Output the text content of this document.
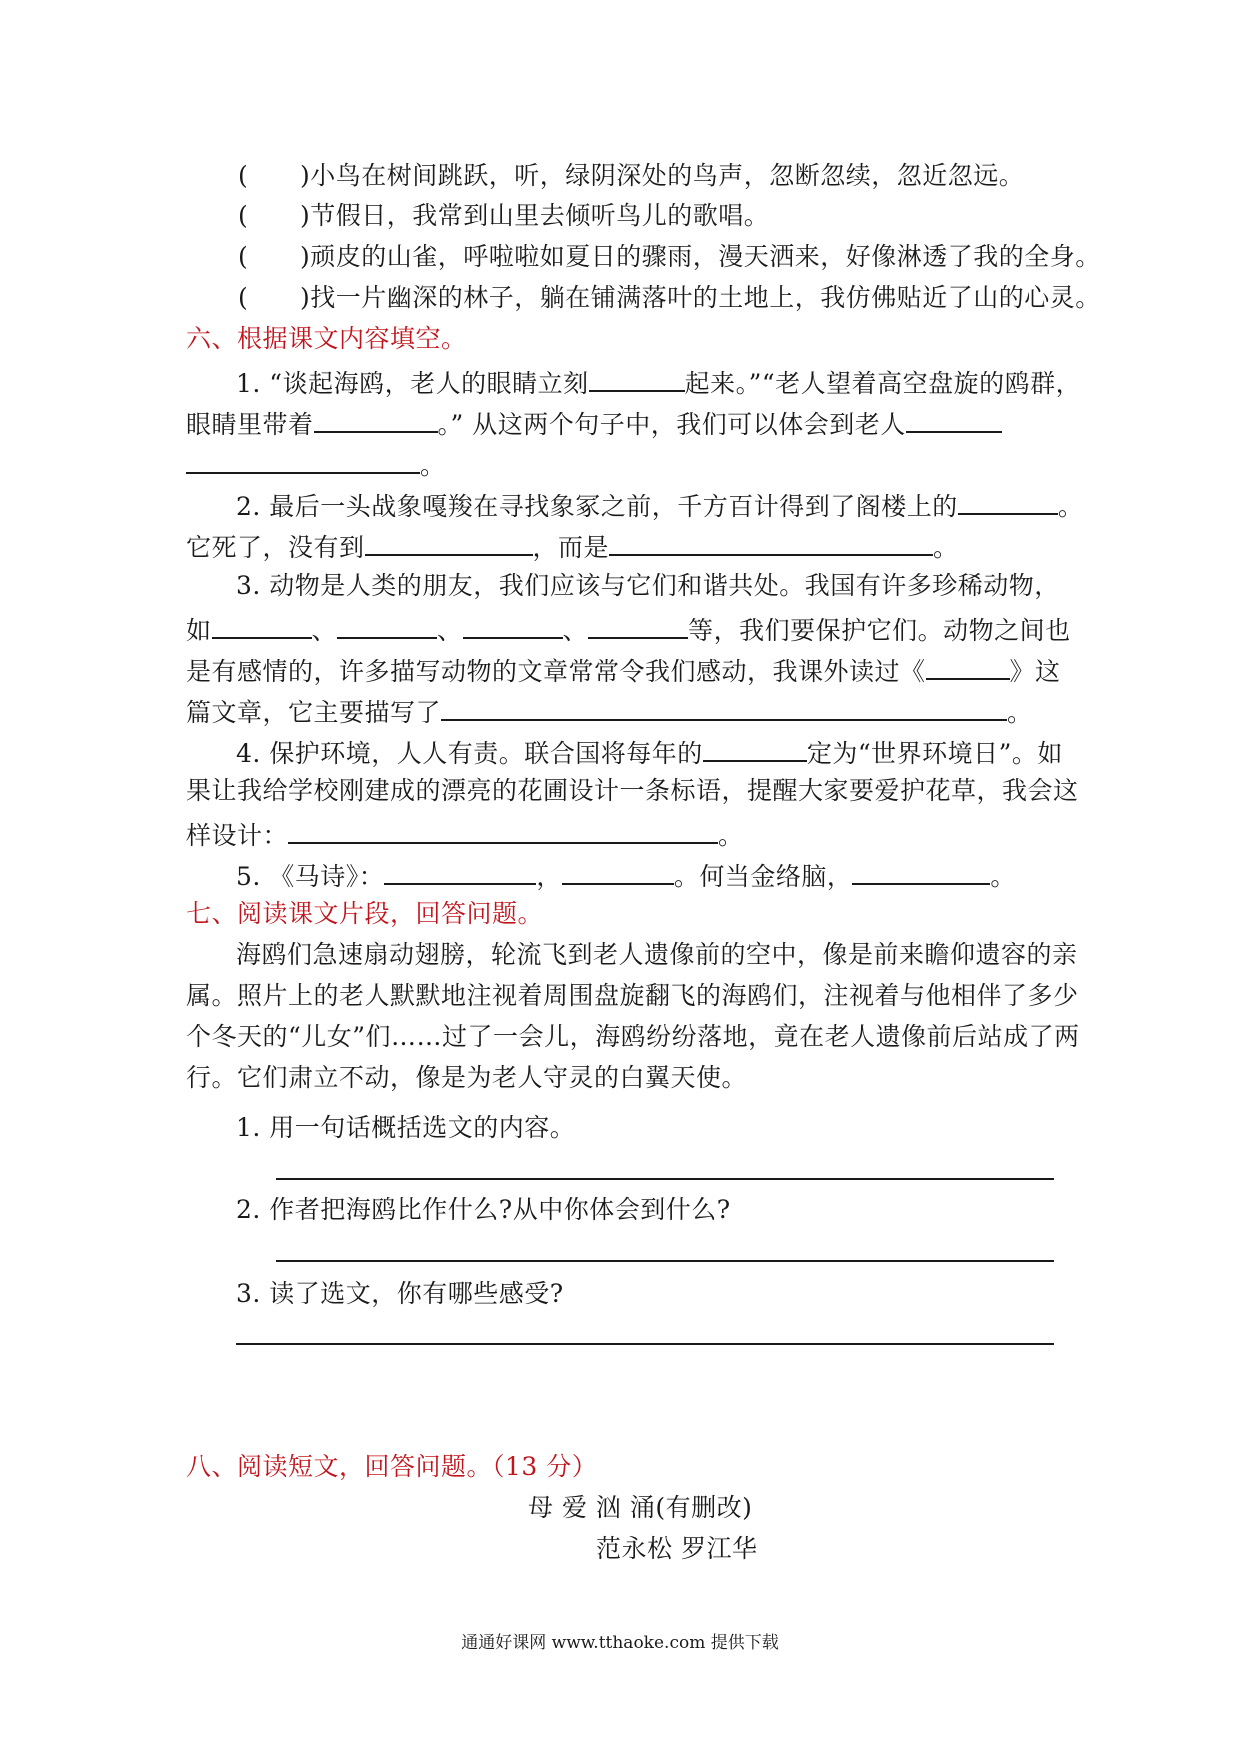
( )小鸟在树间跳跃，听，绿阴深处的鸟声，忽断忽续，忽近忽远。
( )节假日，我常到山里去倾听鸟儿的歌唱。
( )顽皮的山雀，呼啦啦如夏日的骤雨，漫天洒来，好像淋透了我的全身。
( )找一片幽深的林子，躺在铺满落叶的土地上，我仿佛贴近了山的心灵。
六、根据课文内容填空。
1. “谈起海鸥，老人的眼睛立刻	起来。”“老人望着高空盘旋的鸥群，
眼睛里带着	。” 从这两个句子中，我们可以体会到老人
。
2. 最后一头战象嘎羧在寻找象冢之前，千方百计得到了阁楼上的	。
它死了，没有到	，而是	。
3. 动物是人类的朋友，我们应该与它们和谐共处。我国有许多珍稀动物，
如	、	、	、	等，我们要保护它们。动物之间也
是有感情的，许多描写动物的文章常常令我们感动，我课外读过《	》这
篇文章，它主要描写了	。
4. 保护环境，人人有责。联合国将每年的	定为“世界环境日”。如
果让我给学校刚建成的漂亮的花圃设计一条标语，提醒大家要爱护花草，我会这
样设计：	。
5. 《马诗》：	，	。何当金络脑，	。
七、阅读课文片段，回答问题。
海鸥们急速扇动翅膀，轮流飞到老人遗像前的空中，像是前来瞻仰遗容的亲
属。照片上的老人默默地注视着周围盘旋翻飞的海鸥们，注视着与他相伴了多少
个冬天的“儿女”们……过了一会儿，海鸥纷纷落地，竟在老人遗像前后站成了两
行。它们肃立不动，像是为老人守灵的白翼天使。
1. 用一句话概括选文的内容。
2. 作者把海鸥比作什么?从中你体会到什么?
3. 读了选文，你有哪些感受?
八、阅读短文，回答问题。（13 分）
母 爱 汹 涌(有删改)
范永松 罗江华
通通好课网 www.tthaoke.com 提供下载
